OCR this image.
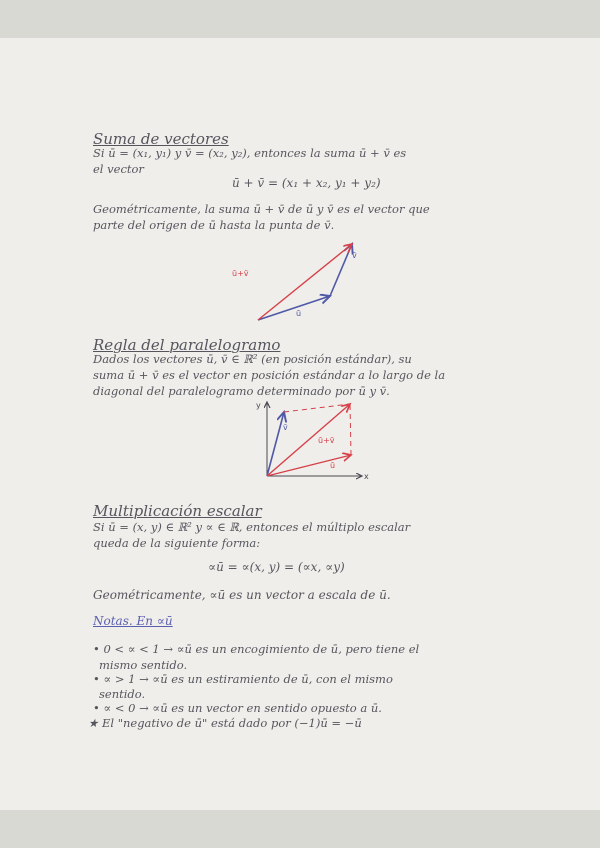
Suma de vectores
Si ū = (x₁, y₁) y v̄ = (x₂, y₂), entonces la suma ū + v̄ es
el vector
ū + v̄ = (x₁ + x₂, y₁ + y₂)
Geométricamente, la suma ū + v̄ de ū y v̄ es el vector que
parte del origen de ū hasta la punta de v̄.
ū
v̄
ū+v̄
y
x
v̄
ū
ū+v̄
Regla del paralelogramo
Dados los vectores ū, v̄ ∈ ℝ² (en posición estándar), su
suma ū + v̄ es el vector en posición estándar a lo largo de la
diagonal del paralelogramo determinado por ū y v̄.
Multiplicación escalar
Si ū = (x, y) ∈ ℝ² y ∝ ∈ ℝ, entonces el múltiplo escalar
queda de la siguiente forma:
∝ū = ∝(x, y) = (∝x, ∝y)
Geométricamente, ∝ū es un vector a escala de ū.
Notas. En ∝ū
• 0 < ∝ < 1 → ∝ū es un encogimiento de ū, pero tiene el
mismo sentido.
• ∝ > 1 → ∝ū es un estiramiento de ū, con el mismo
sentido.
• ∝ < 0 → ∝ū es un vector en sentido opuesto a ū.
★ El "negativo de ū" está dado por (−1)ū = −ū
